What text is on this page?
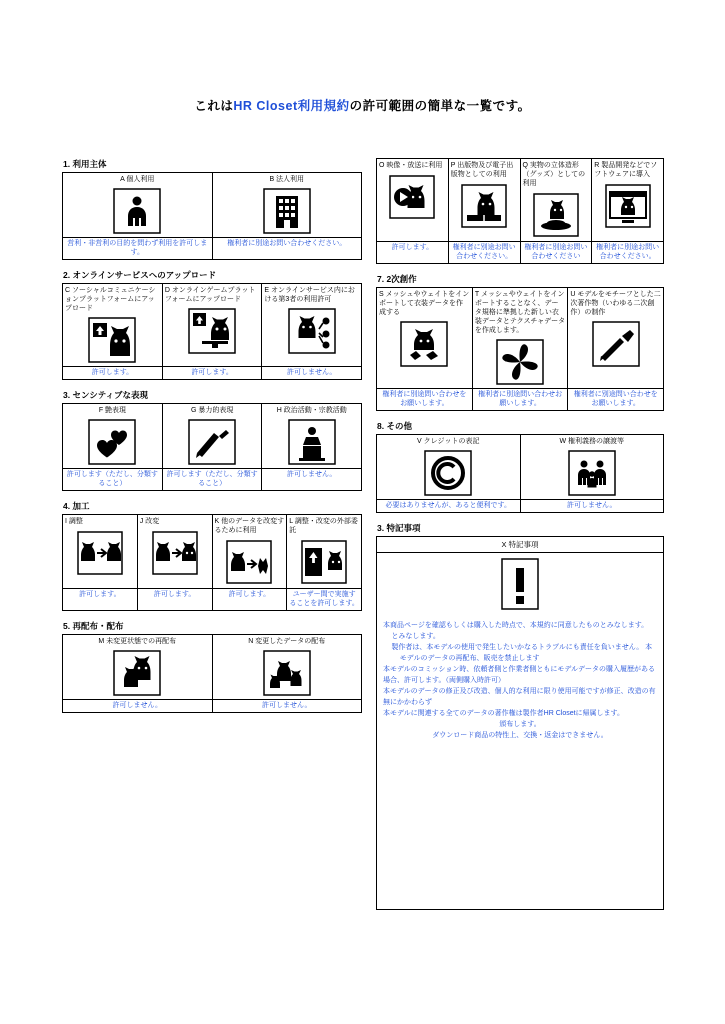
これはHR Closet利用規約の許可範囲の簡単な一覧です。
1. 利用主体
A 個人利用	B 法人利用

営利・非営利の目的を問わず利用を許可します。	権利者に別途お問い合わせください。
2. オンラインサービスへのアップロード
C ソーシャルコミュニケーションプラットフォームにアップロード	D オンラインゲームプラットフォームにアップロード	E オンラインサービス内における第3者の利用許可

許可します。	許可します。	許可しません。
3. センシティブな表現
F 艶表現	G 暴力的表現	H 政治活動・宗教活動

許可します（ただし、分類すること）	許可します（ただし、分類すること）	許可しません。
4. 加工
I 調整	J 改変	K 他のデータを改変するために利用	L 調整・改変の外部委託

許可します。	許可します。	許可します。	ユーザー間で実施することを許可します。
5. 再配布・配布
M 未変更状態での再配布	N 変更したデータの配布

許可しません。	許可しません。
O 映像・放送に利用	P 出版物及び電子出版物としての利用	Q 実物の立体造形（グッズ）としての利用	R 製品開発などでソフトウェアに導入

許可します。	権利者に別途お問い合わせください。	権利者に別途お問い合わせください	権利者に別途お問い合わせください。
7. 2次創作
S メッシュやウェイトをインポートして衣装データを作成する	T メッシュやウェイトをインポートすることなく、データ規格に準拠した新しい衣装データとテクスチャデータを作成します。	U モデルをモチーフとした二次著作物（いわゆる二次創作）の制作

権利者に別途問い合わせをお願いします。	権利者に別途問い合わせお願いします。	権利者に別途問い合わせをお願いします。
8. その他
V クレジットの表記	W 権利義務の譲渡等

必要はありませんが、あると便利です。	許可しません。
3. 特記事項
X 特記事項

本商品ページを確認もしくは購入した時点で、本規約に同意したものとみなします。

とみなします。

製作者は、本モデルの使用で発生したいかなるトラブルにも責任を負いません。 本モデルのデータの再配布、販売を禁止します

本モデルのコミッション時、依頼者側と作業者側ともにモデルデータの購入履歴がある場合、許可します。（両側購入時許可）

本モデルのデータの修正及び改造、個人的な利用に限り使用可能ですが修正、改造の有無にかかわらず

本モデルに関連する全てのデータの著作権は製作者HR Closetに帰属します。

頒布します。

ダウンロード商品の特性上、交換・返金はできません。
